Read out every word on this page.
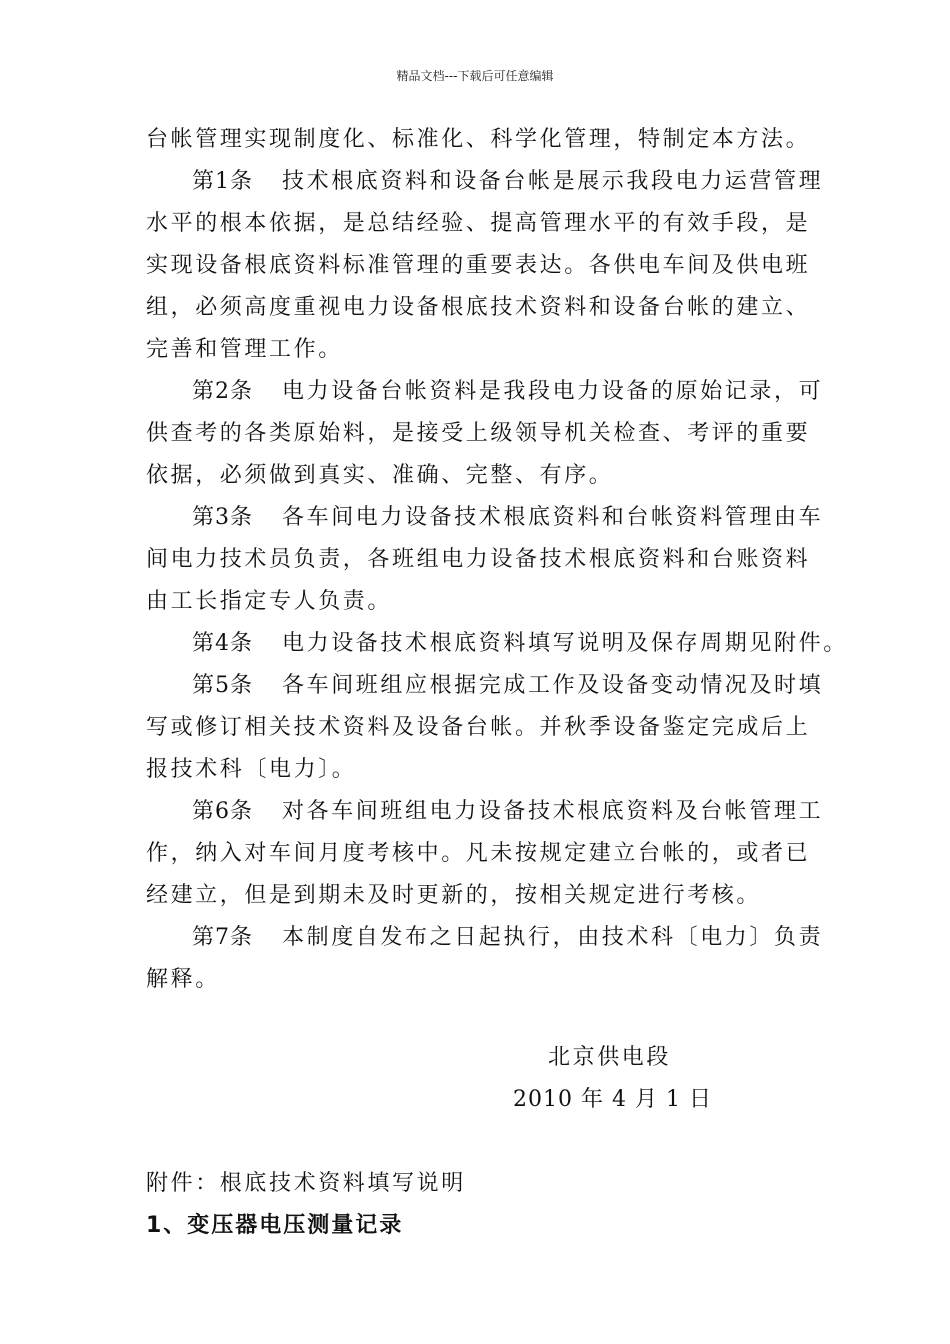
精品文档---下载后可任意编辑
台帐管理实现制度化、标准化、科学化管理，特制定本方法。
第1条 技术根底资料和设备台帐是展示我段电力运营管理
水平的根本依据，是总结经验、提高管理水平的有效手段，是
实现设备根底资料标准管理的重要表达。各供电车间及供电班
组，必须高度重视电力设备根底技术资料和设备台帐的建立、
完善和管理工作。
第2条 电力设备台帐资料是我段电力设备的原始记录，可
供查考的各类原始料，是接受上级领导机关检查、考评的重要
依据，必须做到真实、准确、完整、有序。
第3条 各车间电力设备技术根底资料和台帐资料管理由车
间电力技术员负责，各班组电力设备技术根底资料和台账资料
由工长指定专人负责。
第4条 电力设备技术根底资料填写说明及保存周期见附件。
第5条 各车间班组应根据完成工作及设备变动情况及时填
写或修订相关技术资料及设备台帐。并秋季设备鉴定完成后上
报技术科〔电力〕。
第6条 对各车间班组电力设备技术根底资料及台帐管理工
作，纳入对车间月度考核中。凡未按规定建立台帐的，或者已
经建立，但是到期未及时更新的，按相关规定进行考核。
第7条 本制度自发布之日起执行，由技术科〔电力〕负责
解释。
北京供电段
2010 年 4 月 1 日
附件：根底技术资料填写说明
1、变压器电压测量记录
